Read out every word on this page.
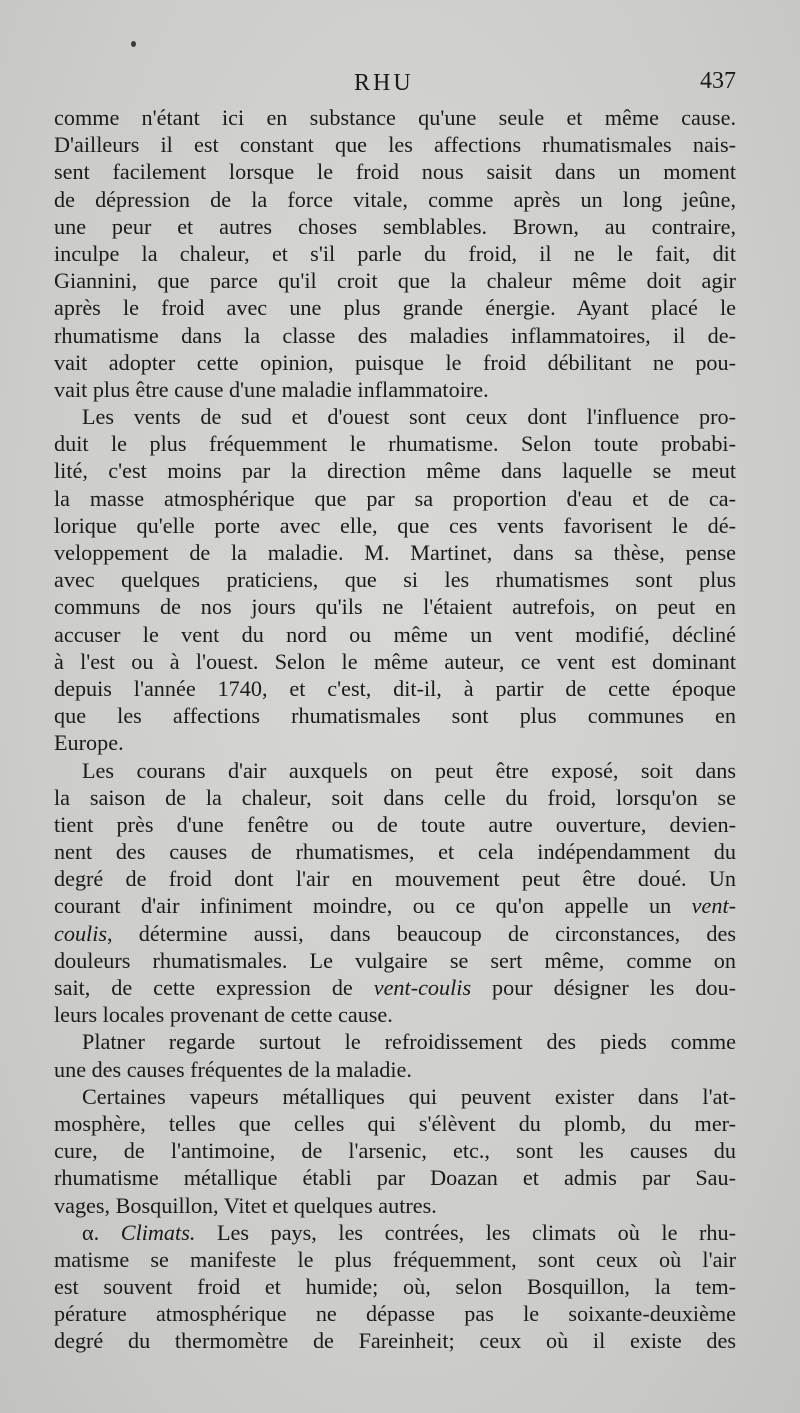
RHU	437
comme n'étant ici en substance qu'une seule et même cause.
D'ailleurs il est constant que les affections rhumatismales nais-
sent facilement lorsque le froid nous saisit dans un moment
de dépression de la force vitale, comme après un long jeûne,
une peur et autres choses semblables. Brown, au contraire,
inculpe la chaleur, et s'il parle du froid, il ne le fait, dit
Giannini, que parce qu'il croit que la chaleur même doit agir
après le froid avec une plus grande énergie. Ayant placé le
rhumatisme dans la classe des maladies inflammatoires, il de-
vait adopter cette opinion, puisque le froid débilitant ne pou-
vait plus être cause d'une maladie inflammatoire.
Les vents de sud et d'ouest sont ceux dont l'influence pro-
duit le plus fréquemment le rhumatisme. Selon toute probabi-
lité, c'est moins par la direction même dans laquelle se meut
la masse atmosphérique que par sa proportion d'eau et de ca-
lorique qu'elle porte avec elle, que ces vents favorisent le dé-
veloppement de la maladie. M. Martinet, dans sa thèse, pense
avec quelques praticiens, que si les rhumatismes sont plus
communs de nos jours qu'ils ne l'étaient autrefois, on peut en
accuser le vent du nord ou même un vent modifié, décliné
à l'est ou à l'ouest. Selon le même auteur, ce vent est dominant
depuis l'année 1740, et c'est, dit-il, à partir de cette époque
que les affections rhumatismales sont plus communes en
Europe.
Les courans d'air auxquels on peut être exposé, soit dans
la saison de la chaleur, soit dans celle du froid, lorsqu'on se
tient près d'une fenêtre ou de toute autre ouverture, devien-
nent des causes de rhumatismes, et cela indépendamment du
degré de froid dont l'air en mouvement peut être doué. Un
courant d'air infiniment moindre, ou ce qu'on appelle un vent-
coulis, détermine aussi, dans beaucoup de circonstances, des
douleurs rhumatismales. Le vulgaire se sert même, comme on
sait, de cette expression de vent-coulis pour désigner les dou-
leurs locales provenant de cette cause.
Platner regarde surtout le refroidissement des pieds comme
une des causes fréquentes de la maladie.
Certaines vapeurs métalliques qui peuvent exister dans l'at-
mosphère, telles que celles qui s'élèvent du plomb, du mer-
cure, de l'antimoine, de l'arsenic, etc., sont les causes du
rhumatisme métallique établi par Doazan et admis par Sau-
vages, Bosquillon, Vitet et quelques autres.
α. Climats. Les pays, les contrées, les climats où le rhu-
matisme se manifeste le plus fréquemment, sont ceux où l'air
est souvent froid et humide; où, selon Bosquillon, la tem-
pérature atmosphérique ne dépasse pas le soixante-deuxième
degré du thermomètre de Fareinheit; ceux où il existe des
